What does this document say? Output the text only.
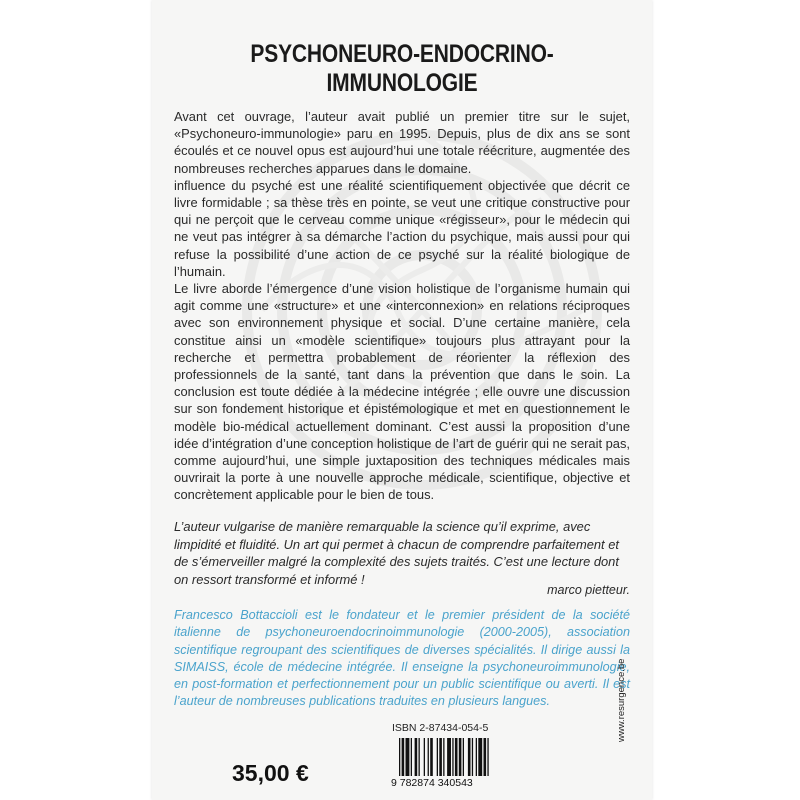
PSYCHONEURO-ENDOCRINO-IMMUNOLOGIE

Avant cet ouvrage, l’auteur avait publié un premier titre sur le sujet, «Psychoneuro-immunologie» paru en 1995. Depuis, plus de dix ans se sont écoulés et ce nouvel opus est aujourd’hui une totale réécriture, augmentée des nombreuses recherches apparues dans le domaine.

influence du psyché est une réalité scientifiquement objectivée que décrit ce livre formidable ; sa thèse très en pointe, se veut une critique constructive pour qui ne perçoit que le cerveau comme unique «régisseur», pour le médecin qui ne veut pas intégrer à sa démarche l’action du psychique, mais aussi pour qui refuse la possibilité d’une action de ce psyché sur la réalité biologique de l’humain.

Le livre aborde l’émergence d’une vision holistique de l’organisme humain qui agit comme une «structure» et une «interconnexion» en relations réciproques avec son environnement physique et social. D’une certaine manière, cela constitue ainsi un «modèle scientifique» toujours plus attrayant pour la recherche et permettra probablement de réorienter la réflexion des professionnels de la santé, tant dans la prévention que dans le soin. La conclusion est toute dédiée à la médecine intégrée ; elle ouvre une discussion sur son fondement historique et épistémologique et met en questionnement le modèle bio-médical actuellement dominant. C’est aussi la proposition d’une idée d’intégration d’une conception holistique de l’art de guérir qui ne serait pas, comme aujourd’hui, une simple juxtaposition des techniques médicales mais ouvrirait la porte à une nouvelle approche médicale, scientifique, objective et concrètement applicable pour le bien de tous.

L’auteur vulgarise de manière remarquable la science qu’il exprime, avec limpidité et fluidité. Un art qui permet à chacun de comprendre parfaitement et de s’émerveiller malgré la complexité des sujets traités. C’est une lecture dont on ressort transformé et informé !

marco pietteur.

Francesco Bottaccioli est le fondateur et le premier président de la société italienne de psychoneuroendocrinoimmunologie (2000-2005), association scientifique regroupant des scientifiques de diverses spécialités. Il dirige aussi la SIMAISS, école de médecine intégrée. Il enseigne la psychoneuroimmunologie, en post-formation et perfectionnement pour un public scientifique ou averti. Il est l’auteur de nombreuses publications traduites en plusieurs langues.

ISBN 2-87434-054-5
35,00 €	9 782874 340543
www.resurgence.be
